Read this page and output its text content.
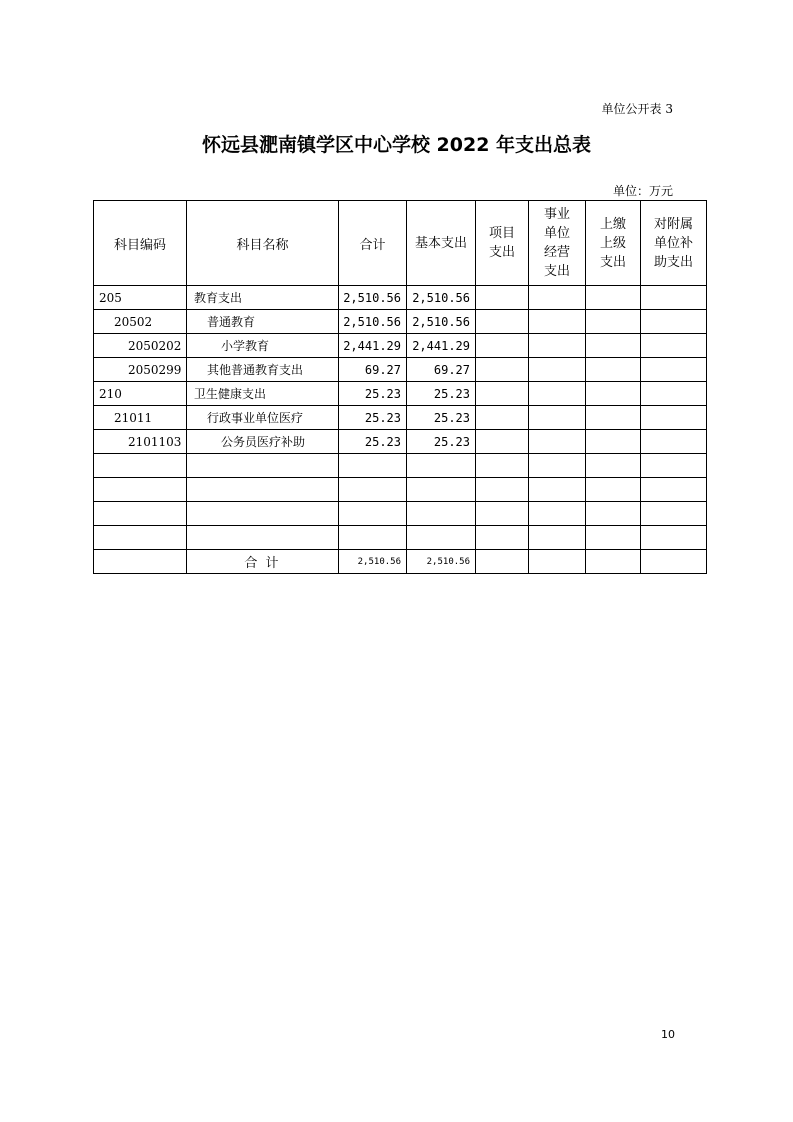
单位公开表 3
怀远县淝南镇学区中心学校 2022 年支出总表
单位：万元
科目编码	科目名称	合计	基本支出	项目支出	事业单位经营支出	上缴上级支出	对附属单位补助支出
205	教育支出	2,510.56	2,510.56				
20502	普通教育	2,510.56	2,510.56				
2050202	小学教育	2,441.29	2,441.29				
2050299	其他普通教育支出	69.27	69.27				
210	卫生健康支出	25.23	25.23				
21011	行政事业单位医疗	25.23	25.23				
2101103	公务员医疗补助	25.23	25.23				

	合 计	2,510.56	2,510.56				
10
